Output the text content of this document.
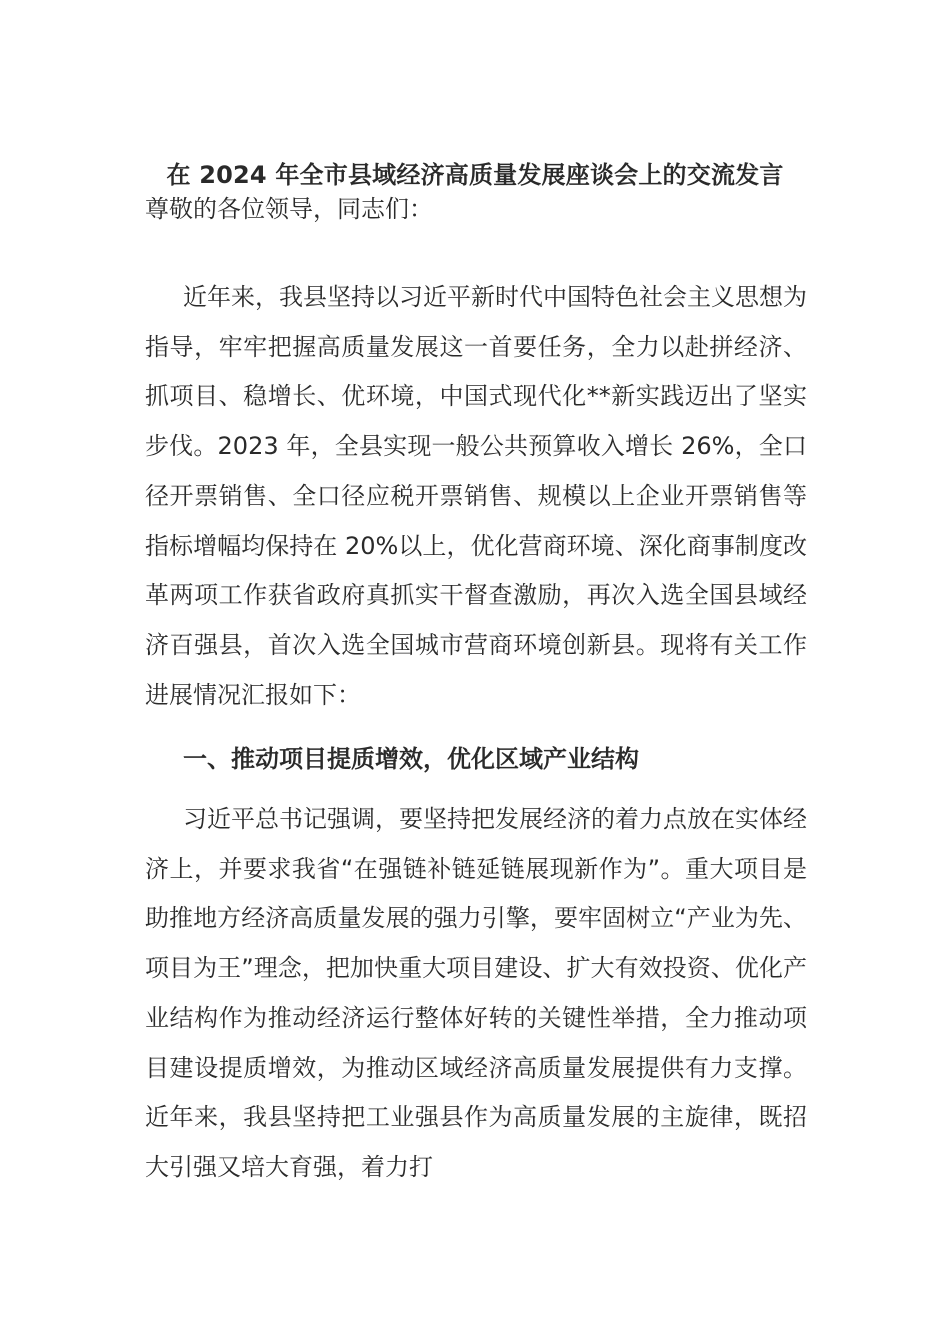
在 2024 年全市县域经济高质量发展座谈会上的交流发言
尊敬的各位领导，同志们：

近年来，我县坚持以习近平新时代中国特色社会主义思想为指导，牢牢把握高质量发展这一首要任务，全力以赴拼经济、抓项目、稳增长、优环境，中国式现代化**新实践迈出了坚实步伐。2023 年，全县实现一般公共预算收入增长 26%，全口径开票销售、全口径应税开票销售、规模以上企业开票销售等指标增幅均保持在 20%以上，优化营商环境、深化商事制度改革两项工作获省政府真抓实干督查激励，再次入选全国县域经济百强县，首次入选全国城市营商环境创新县。现将有关工作进展情况汇报如下：

一、推动项目提质增效，优化区域产业结构

习近平总书记强调，要坚持把发展经济的着力点放在实体经济上，并要求我省“在强链补链延链展现新作为”。重大项目是助推地方经济高质量发展的强力引擎，要牢固树立“产业为先、项目为王”理念，把加快重大项目建设、扩大有效投资、优化产业结构作为推动经济运行整体好转的关键性举措，全力推动项目建设提质增效，为推动区域经济高质量发展提供有力支撑。近年来，我县坚持把工业强县作为高质量发展的主旋律，既招大引强又培大育强，着力打
